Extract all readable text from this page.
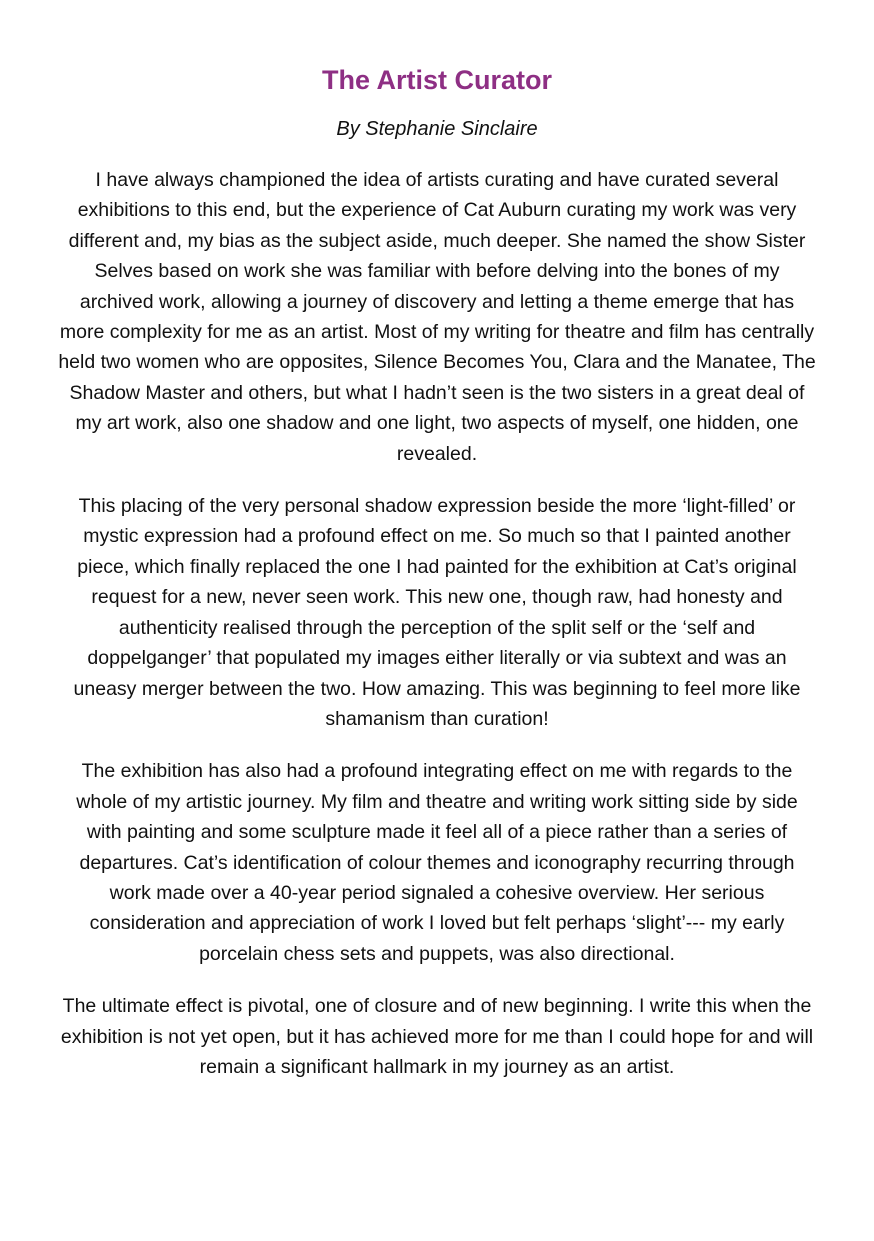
The Artist Curator

By Stephanie Sinclaire

I have always championed the idea of artists curating and have curated several exhibitions to this end, but the experience of Cat Auburn curating my work was very different and, my bias as the subject aside, much deeper. She named the show Sister Selves based on work she was familiar with before delving into the bones of my archived work, allowing a journey of discovery and letting a theme emerge that has more complexity for me as an artist. Most of my writing for theatre and film has centrally held two women who are opposites, Silence Becomes You, Clara and the Manatee, The Shadow Master and others, but what I hadn’t seen is the two sisters in a great deal of my art work, also one shadow and one light, two aspects of myself, one hidden, one revealed.

This placing of the very personal shadow expression beside the more ‘light-filled’ or mystic expression had a profound effect on me. So much so that I painted another piece, which finally replaced the one I had painted for the exhibition at Cat’s original request for a new, never seen work. This new one, though raw, had honesty and authenticity realised through the perception of the split self or the ‘self and doppelganger’ that populated my images either literally or via subtext and was an uneasy merger between the two. How amazing. This was beginning to feel more like shamanism than curation!

The exhibition has also had a profound integrating effect on me with regards to the whole of my artistic journey. My film and theatre and writing work sitting side by side with painting and some sculpture made it feel all of a piece rather than a series of departures. Cat’s identification of colour themes and iconography recurring through work made over a 40-year period signaled a cohesive overview. Her serious consideration and appreciation of work I loved but felt perhaps ‘slight’--- my early porcelain chess sets and puppets, was also directional.

The ultimate effect is pivotal, one of closure and of new beginning. I write this when the exhibition is not yet open, but it has achieved more for me than I could hope for and will remain a significant hallmark in my journey as an artist.
